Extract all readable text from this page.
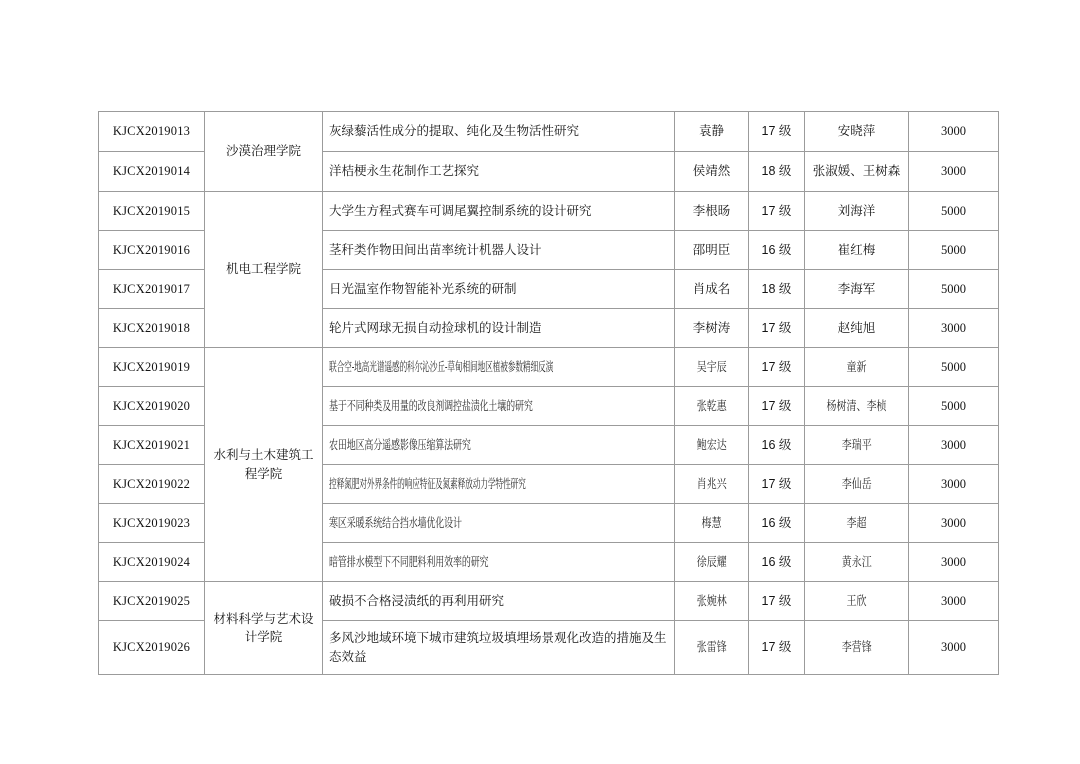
KJCX2019013	沙漠治理学院	灰绿藜活性成分的提取、纯化及生物活性研究	袁静	17 级	安晓萍	3000
KJCX2019014		洋桔梗永生花制作工艺探究	侯靖然	18 级	张淑媛、王树森	3000
KJCX2019015	机电工程学院	大学生方程式赛车可调尾翼控制系统的设计研究	李根旸	17 级	刘海洋	5000
KJCX2019016		茎秆类作物田间出苗率统计机器人设计	邵明臣	16 级	崔红梅	5000
KJCX2019017		日光温室作物智能补光系统的研制	肖成名	18 级	李海军	5000
KJCX2019018		轮片式网球无损自动捡球机的设计制造	李树涛	17 级	赵纯旭	3000
KJCX2019019	水利与土木建筑工程学院	联合空-地高光谱遥感的科尔沁沙丘-草甸相间地区植被参数精细反演	吴宇辰	17 级	童新	5000
KJCX2019020		基于不同种类及用量的改良剂调控盐渍化土壤的研究	张乾惠	17 级	杨树清、李桢	5000
KJCX2019021		农田地区高分遥感影像压缩算法研究	鲍宏达	16 级	李瑞平	3000
KJCX2019022		控释氮肥对外界条件的响应特征及氮素释放动力学特性研究	肖兆兴	17 级	李仙岳	3000
KJCX2019023		寒区采暖系统结合挡水墙优化设计	梅慧	16 级	李超	3000
KJCX2019024		暗管排水模型下不同肥料利用效率的研究	徐辰耀	16 级	黄永江	3000
KJCX2019025	材料科学与艺术设计学院	破损不合格浸渍纸的再利用研究	张婉林	17 级	王欣	3000
KJCX2019026		多风沙地域环境下城市建筑垃圾填埋场景观化改造的措施及生态效益	张雷锋	17 级	李营锋	3000
